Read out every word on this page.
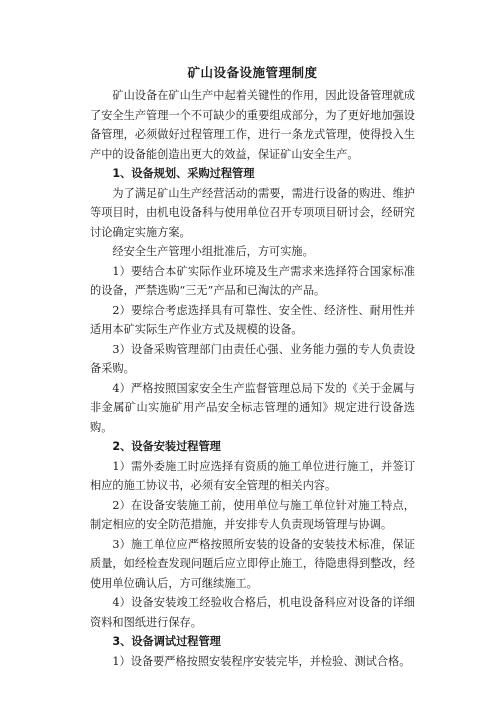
矿山设备设施管理制度
矿山设备在矿山生产中起着关键性的作用，因此设备管理就成了安全生产管理一个不可缺少的重要组成部分，为了更好地加强设备管理，必须做好过程管理工作，进行一条龙式管理，使得投入生产中的设备能创造出更大的效益，保证矿山安全生产。
1、设备规划、采购过程管理
为了满足矿山生产经营活动的需要，需进行设备的购进、维护等项目时，由机电设备科与使用单位召开专项项目研讨会，经研究讨论确定实施方案。
经安全生产管理小组批准后，方可实施。
1）要结合本矿实际作业环境及生产需求来选择符合国家标准的设备，严禁选购“三无”产品和已淘汰的产品。
2）要综合考虑选择具有可靠性、安全性、经济性、耐用性并适用本矿实际生产作业方式及规模的设备。
3）设备采购管理部门由责任心强、业务能力强的专人负责设备采购。
4）严格按照国家安全生产监督管理总局下发的《关于金属与非金属矿山实施矿用产品安全标志管理的通知》规定进行设备选购。
2、设备安装过程管理
1）需外委施工时应选择有资质的施工单位进行施工，并签订相应的施工协议书，必须有安全管理的相关内容。
2）在设备安装施工前，使用单位与施工单位针对施工特点，制定相应的安全防范措施，并安排专人负责现场管理与协调。
3）施工单位应严格按照所安装的设备的安装技术标准，保证质量，如经检查发现问题后应立即停止施工，待隐患得到整改，经使用单位确认后，方可继续施工。
4）设备安装竣工经验收合格后，机电设备科应对设备的详细资料和图纸进行保存。
3、设备调试过程管理
1）设备要严格按照安装程序安装完毕，并检验、测试合格。
